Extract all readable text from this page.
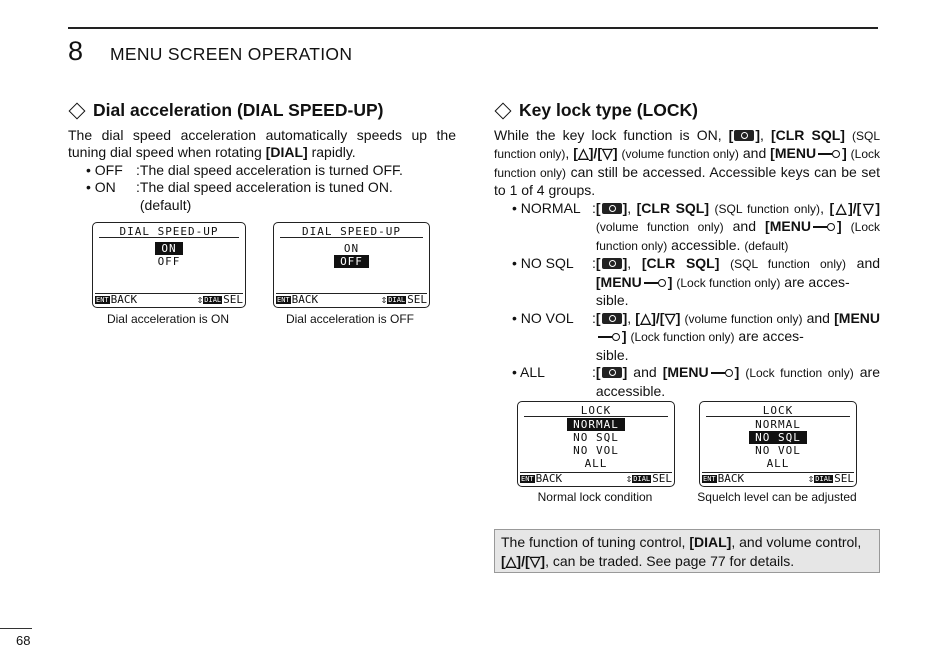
8 MENU SCREEN OPERATION
Dial acceleration (DIAL SPEED-UP)

The dial speed acceleration automatically speeds up the tuning dial speed when rotating [DIAL] rapidly.

• OFF : The dial speed acceleration is turned OFF.
• ON	: The dial speed acceleration is tuned ON.
(default)
DIAL SPEED-UP
ON
OFF
ENT BACK	⇕DIAL SEL
Dial acceleration is ON
DIAL SPEED-UP
ON
OFF
ENT BACK	⇕DIAL SEL
Dial acceleration is OFF
Key lock type (LOCK)

While the key lock function is ON, [ ], [CLR SQL] (SQL function only), [△]/[▽] (volume function only) and [MENU ] (Lock function only) can still be accessed. Accessible keys can be set to 1 of 4 groups.

• NORMAL : [ ], [CLR SQL] (SQL function only), [△]/[▽] (volume function only) and [MENU ] (Lock function only) accessible. (default)
• NO SQL	: [ ], [CLR SQL] (SQL function only) and [MENU ] (Lock function only) are acces-
sible.
• NO VOL	: [ ], [△]/[▽] (volume function only) and [MENU] (Lock function only) are acces-
sible.
• ALL	: [ ] and [MENU ] (Lock function only) are accessible.
LOCK
NORMAL
NO SQL
NO VOL
ALL
ENT BACK	⇕DIAL SEL
Normal lock condition
LOCK
NORMAL
NO SQL
NO VOL
ALL
ENT BACK	⇕DIAL SEL
Squelch level can be adjusted
The function of tuning control, [DIAL], and volume control,
[△]/[▽], can be traded. See page 77 for details.
68
